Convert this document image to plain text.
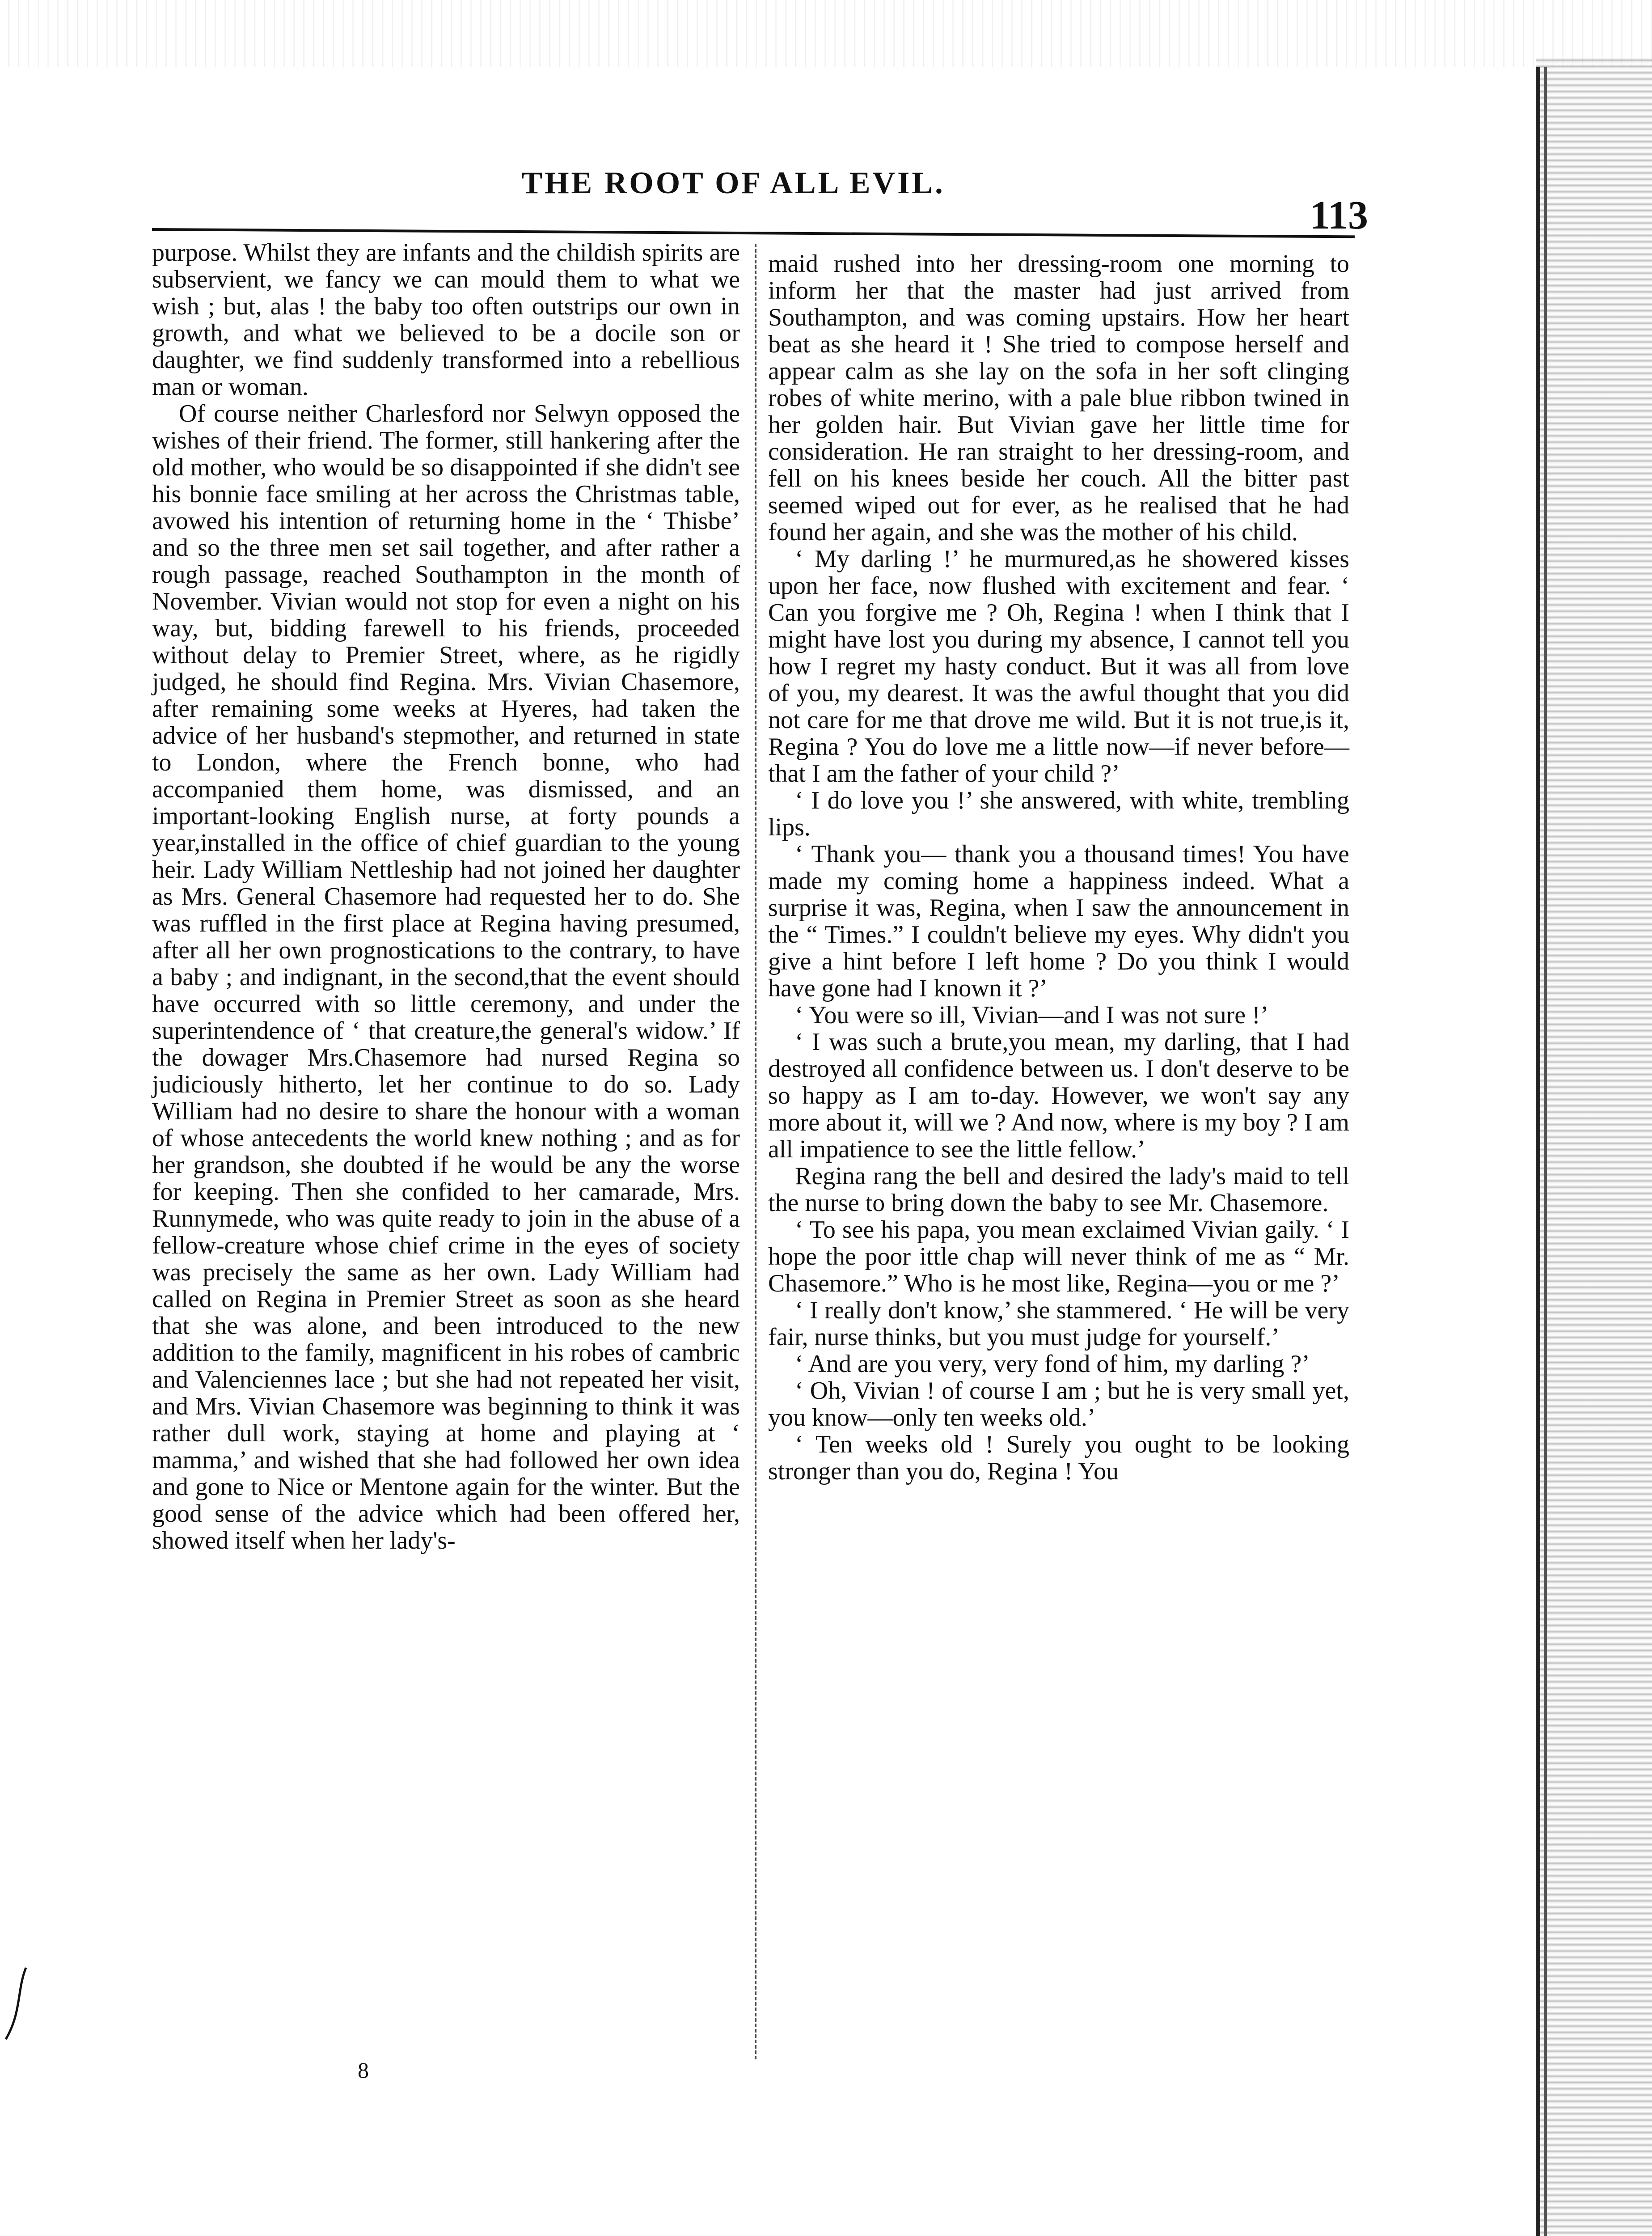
THE ROOT OF ALL EVIL.
113

purpose. Whilst they are infants and the childish spirits are subservient, we fancy we can mould them to what we wish ; but, alas ! the baby too often outstrips our own in growth, and what we believed to be a docile son or daughter, we find suddenly transformed into a rebellious man or woman.

Of course neither Charlesford nor Selwyn opposed the wishes of their friend. The former, still hankering after the old mother, who would be so disappointed if she didn't see his bonnie face smiling at her across the Christmas table, avowed his intention of returning home in the ‘ Thisbe’ and so the three men set sail together, and after rather a rough passage, reached Southampton in the month of November. Vivian would not stop for even a night on his way, but, bidding farewell to his friends, proceeded without delay to Premier Street, where, as he rigidly judged, he should find Regina. Mrs. Vivian Chasemore, after remaining some weeks at Hyeres, had taken the advice of her husband's stepmother, and returned in state to London, where the French bonne, who had accompanied them home, was dismissed, and an important-looking English nurse, at forty pounds a year,installed in the office of chief guardian to the young heir. Lady William Nettleship had not joined her daughter as Mrs. General Chasemore had requested her to do. She was ruffled in the first place at Regina having presumed, after all her own prognostications to the contrary, to have a baby ; and indignant, in the second,that the event should have occurred with so little ceremony, and under the superintendence of ‘ that creature,the general's widow.’ If the dowager Mrs.Chasemore had nursed Regina so judiciously hitherto, let her continue to do so. Lady William had no desire to share the honour with a woman of whose antecedents the world knew nothing ; and as for her grandson, she doubted if he would be any the worse for keeping. Then she confided to her camarade, Mrs. Runnymede, who was quite ready to join in the abuse of a fellow-creature whose chief crime in the eyes of society was precisely the same as her own. Lady William had called on Regina in Premier Street as soon as she heard that she was alone, and been introduced to the new addition to the family, magnificent in his robes of cambric and Valenciennes lace ; but she had not repeated her visit, and Mrs. Vivian Chasemore was beginning to think it was rather dull work, staying at home and playing at ‘ mamma,’ and wished that she had followed her own idea and gone to Nice or Mentone again for the winter. But the good sense of the advice which had been offered her, showed itself when her lady's-

maid rushed into her dressing-room one morning to inform her that the master had just arrived from Southampton, and was coming upstairs. How her heart beat as she heard it ! She tried to compose herself and appear calm as she lay on the sofa in her soft clinging robes of white merino, with a pale blue ribbon twined in her golden hair. But Vivian gave her little time for consideration. He ran straight to her dressing-room, and fell on his knees beside her couch. All the bitter past seemed wiped out for ever, as he realised that he had found her again, and she was the mother of his child.

‘ My darling !’ he murmured,as he showered kisses upon her face, now flushed with excitement and fear. ‘ Can you forgive me ? Oh, Regina ! when I think that I might have lost you during my absence, I cannot tell you how I regret my hasty conduct. But it was all from love of you, my dearest. It was the awful thought that you did not care for me that drove me wild. But it is not true,is it, Regina ? You do love me a little now—if never before—that I am the father of your child ?’

‘ I do love you !’ she answered, with white, trembling lips.

‘ Thank you— thank you a thousand times! You have made my coming home a happiness indeed. What a surprise it was, Regina, when I saw the announcement in the “ Times.” I couldn't believe my eyes. Why didn't you give a hint before I left home ? Do you think I would have gone had I known it ?’

‘ You were so ill, Vivian—and I was not sure !’

‘ I was such a brute,you mean, my darling, that I had destroyed all confidence between us. I don't deserve to be so happy as I am to-day. However, we won't say any more about it, will we ? And now, where is my boy ? I am all impatience to see the little fellow.’

Regina rang the bell and desired the lady's maid to tell the nurse to bring down the baby to see Mr. Chasemore.

‘ To see his papa, you mean exclaimed Vivian gaily. ‘ I hope the poor ittle chap will never think of me as “ Mr. Chasemore.” Who is he most like, Regina—you or me ?’

‘ I really don't know,’ she stammered. ‘ He will be very fair, nurse thinks, but you must judge for yourself.’

‘ And are you very, very fond of him, my darling ?’

‘ Oh, Vivian ! of course I am ; but he is very small yet, you know—only ten weeks old.’

‘ Ten weeks old ! Surely you ought to be looking stronger than you do, Regina ! You

8
